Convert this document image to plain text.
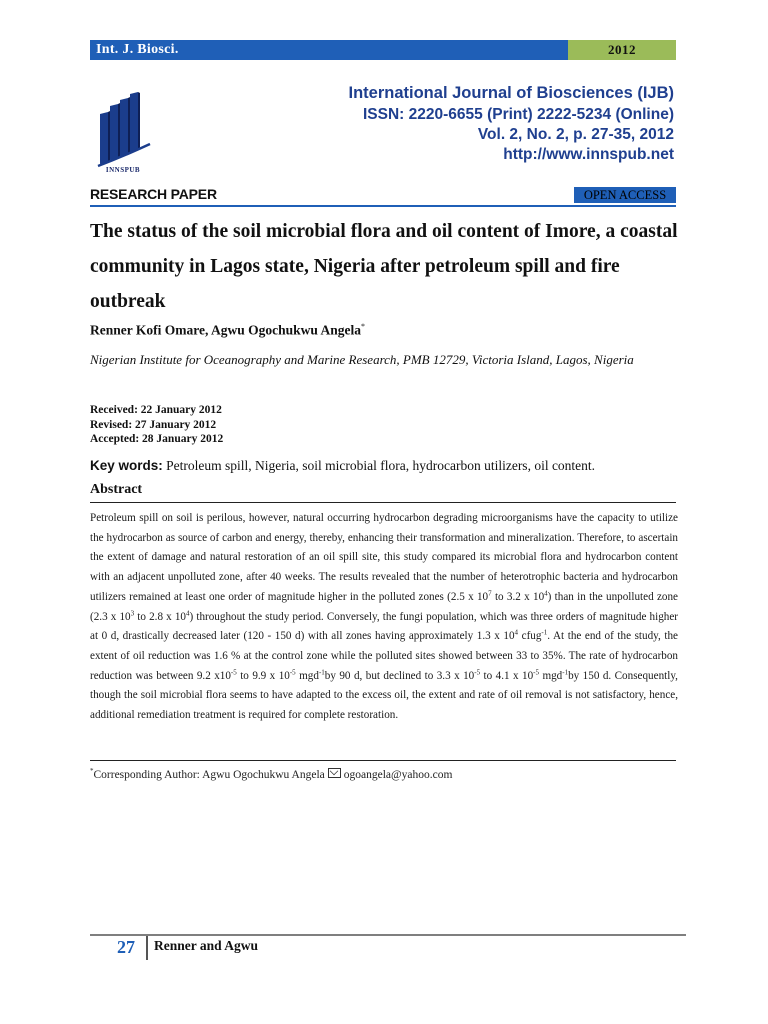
Int. J. Biosci.	2012
INNSPUB
International Journal of Biosciences (IJB)
ISSN: 2220-6655 (Print) 2222-5234 (Online)
Vol. 2, No. 2, p. 27-35, 2012
http://www.innspub.net
RESEARCH PAPER	OPEN ACCESS
The status of the soil microbial flora and oil content of Imore, a coastal community in Lagos state, Nigeria after petroleum spill and fire outbreak
Renner Kofi Omare, Agwu Ogochukwu Angela*
Nigerian Institute for Oceanography and Marine Research, PMB 12729, Victoria Island, Lagos, Nigeria
Received: 22 January 2012
Revised: 27 January 2012
Accepted: 28 January 2012
Key words: Petroleum spill, Nigeria, soil microbial flora, hydrocarbon utilizers, oil content.
Abstract
Petroleum spill on soil is perilous, however, natural occurring hydrocarbon degrading microorganisms have the capacity to utilize the hydrocarbon as source of carbon and energy, thereby, enhancing their transformation and mineralization. Therefore, to ascertain the extent of damage and natural restoration of an oil spill site, this study compared its microbial flora and hydrocarbon content with an adjacent unpolluted zone, after 40 weeks. The results revealed that the number of heterotrophic bacteria and hydrocarbon utilizers remained at least one order of magnitude higher in the polluted zones (2.5 x $10^7$ to 3.2 x $10^4$) than in the unpolluted zone (2.3 x $10^3$ to 2.8 x $10^4$) throughout the study period. Conversely, the fungi population, which was three orders of magnitude higher at 0 d, drastically decreased later (120 - 150 d) with all zones having approximately 1.3 x $10^4$ cfug$^{-1}$. At the end of the study, the extent of oil reduction was 1.6 % at the control zone while the polluted sites showed between 33 to 35%. The rate of hydrocarbon reduction was between 9.2 $x10^{-5}$ to 9.9 x $10^{-5}$ mgd$^{-1}$by 90 d, but declined to 3.3 x $10^{-5}$ to 4.1 x $10^{-5}$ mgd$^{-1}$by 150 d. Consequently, though the soil microbial flora seems to have adapted to the excess oil, the extent and rate of oil removal is not satisfactory, hence, additional remediation treatment is required for complete restoration.
*Corresponding Author: Agwu Ogochukwu Angela ogoangela@yahoo.com
27	Renner and Agwu
